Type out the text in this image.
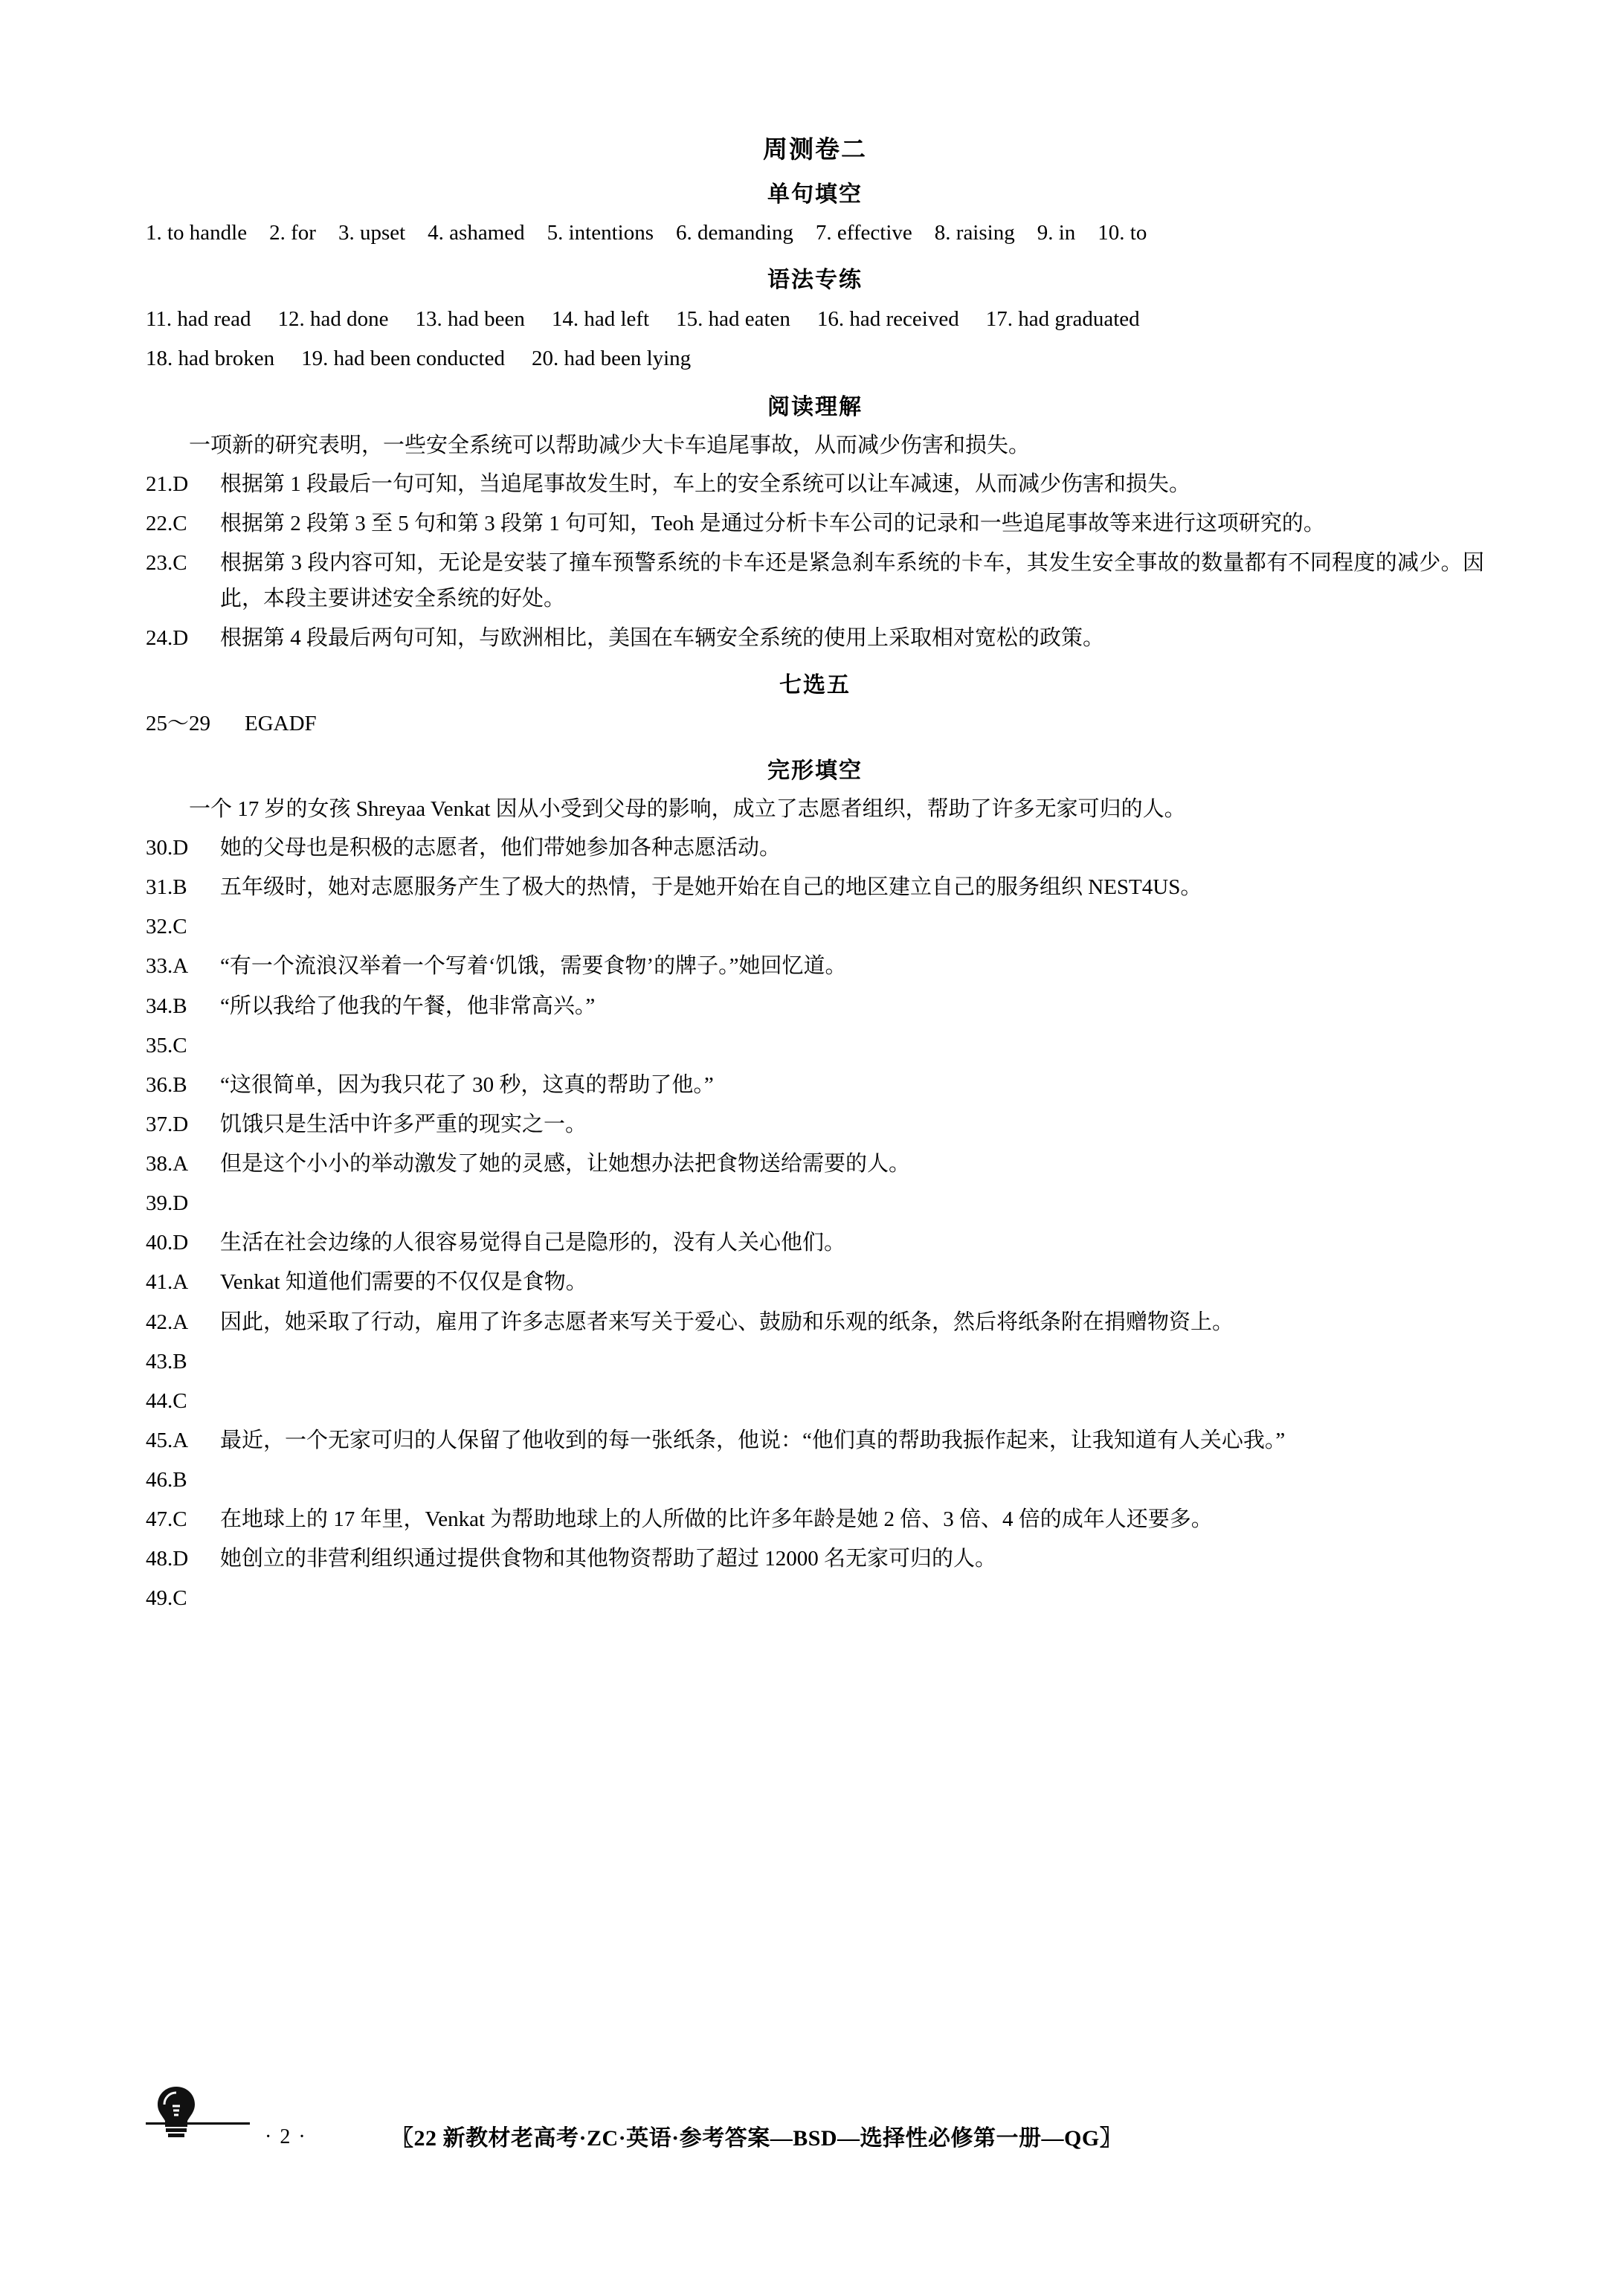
周测卷二
单句填空
1. to handle 2. for 3. upset 4. ashamed 5. intentions 6. demanding 7. effective 8. raising 9. in 10. to
语法专练
11. had read 12. had done 13. had been 14. had left 15. had eaten 16. had received 17. had graduated
18. had broken 19. had been conducted 20. had been lying
阅读理解
一项新的研究表明，一些安全系统可以帮助减少大卡车追尾事故，从而减少伤害和损失。
21.D	根据第 1 段最后一句可知，当追尾事故发生时，车上的安全系统可以让车减速，从而减少伤害和损失。
22.C	根据第 2 段第 3 至 5 句和第 3 段第 1 句可知，Teoh 是通过分析卡车公司的记录和一些追尾事故等来进行这项研究的。
23.C	根据第 3 段内容可知，无论是安装了撞车预警系统的卡车还是紧急刹车系统的卡车，其发生安全事故的数量都有不同程度的减少。因此，本段主要讲述安全系统的好处。
24.D	根据第 4 段最后两句可知，与欧洲相比，美国在车辆安全系统的使用上采取相对宽松的政策。
七选五
25～29 EGADF
完形填空
一个 17 岁的女孩 Shreyaa Venkat 因从小受到父母的影响，成立了志愿者组织，帮助了许多无家可归的人。
30.D	她的父母也是积极的志愿者，他们带她参加各种志愿活动。
31.B	五年级时，她对志愿服务产生了极大的热情，于是她开始在自己的地区建立自己的服务组织 NEST4US。
32.C
33.A	“有一个流浪汉举着一个写着‘饥饿，需要食物’的牌子。”她回忆道。
34.B	“所以我给了他我的午餐，他非常高兴。”
35.C
36.B	“这很简单，因为我只花了 30 秒，这真的帮助了他。”
37.D	饥饿只是生活中许多严重的现实之一。
38.A	但是这个小小的举动激发了她的灵感，让她想办法把食物送给需要的人。
39.D
40.D	生活在社会边缘的人很容易觉得自己是隐形的，没有人关心他们。
41.A	Venkat 知道他们需要的不仅仅是食物。
42.A	因此，她采取了行动，雇用了许多志愿者来写关于爱心、鼓励和乐观的纸条，然后将纸条附在捐赠物资上。
43.B
44.C
45.A	最近，一个无家可归的人保留了他收到的每一张纸条，他说：“他们真的帮助我振作起来，让我知道有人关心我。”
46.B
47.C	在地球上的 17 年里，Venkat 为帮助地球上的人所做的比许多年龄是她 2 倍、3 倍、4 倍的成年人还要多。
48.D	她创立的非营利组织通过提供食物和其他物资帮助了超过 12000 名无家可归的人。
49.C
· 2 ·	〖22 新教材老高考·ZC·英语·参考答案—BSD—选择性必修第一册—QG〗
